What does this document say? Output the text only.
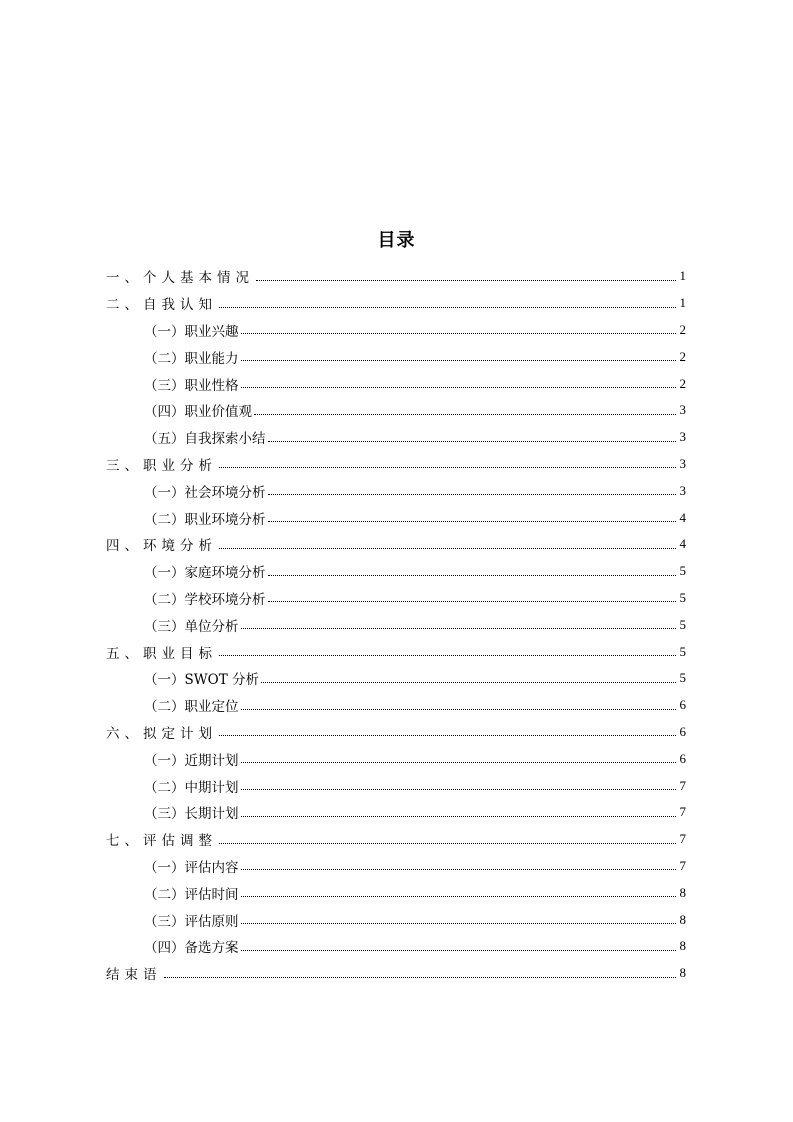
目录
一、个人基本情况	1
二、自我认知	1
（一）职业兴趣	2
（二）职业能力	2
（三）职业性格	2
（四）职业价值观	3
（五）自我探索小结	3
三、职业分析	3
（一）社会环境分析	3
（二）职业环境分析	4
四、环境分析	4
（一）家庭环境分析	5
（二）学校环境分析	5
（三）单位分析	5
五、职业目标	5
（一）SWOT 分析	5
（二）职业定位	6
六、拟定计划	6
（一）近期计划	6
（二）中期计划	7
（三）长期计划	7
七、评估调整	7
（一）评估内容	7
（二）评估时间	8
（三）评估原则	8
（四）备选方案	8
结束语	8
